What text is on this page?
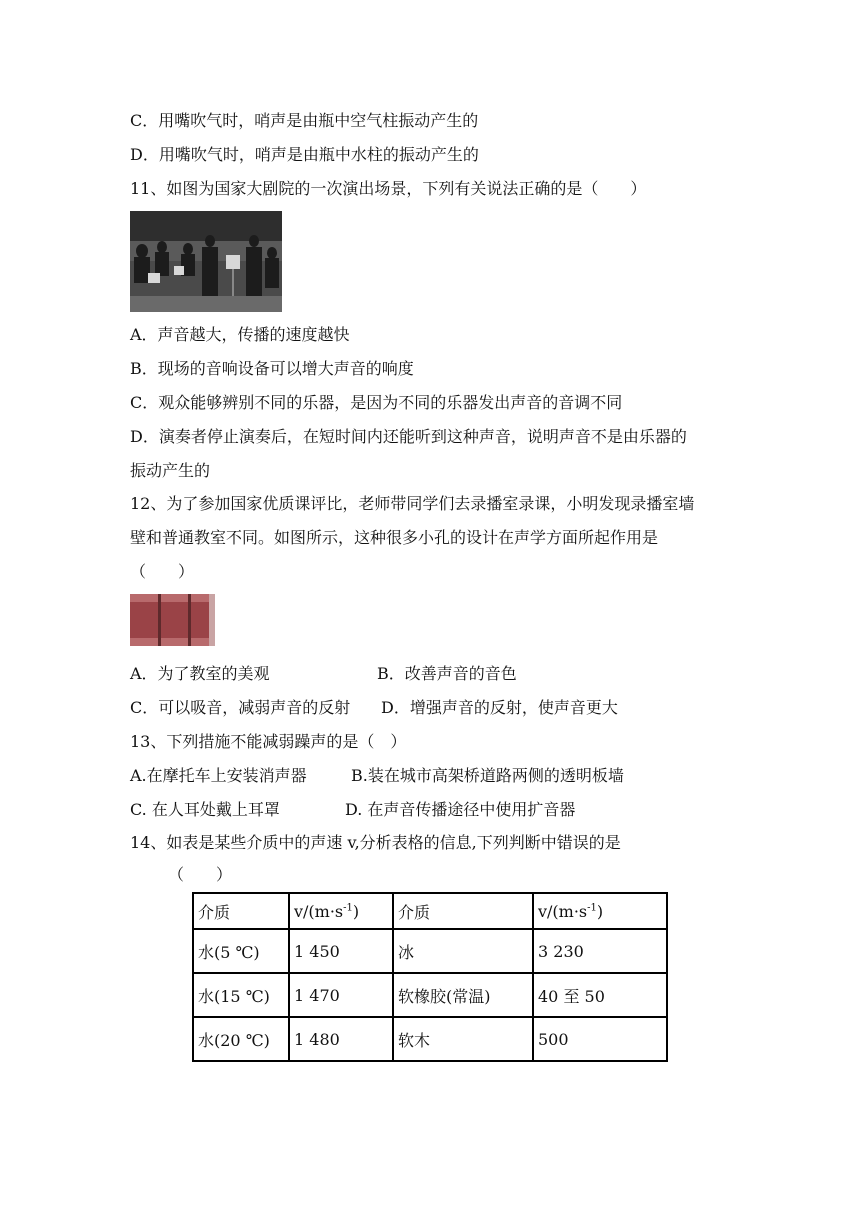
C．用嘴吹气时，哨声是由瓶中空气柱振动产生的
D．用嘴吹气时，哨声是由瓶中水柱的振动产生的
11、如图为国家大剧院的一次演出场景，下列有关说法正确的是（　　）
A．声音越大，传播的速度越快
B．现场的音响设备可以增大声音的响度
C．观众能够辨别不同的乐器，是因为不同的乐器发出声音的音调不同
D．演奏者停止演奏后，在短时间内还能听到这种声音，说明声音不是由乐器的
振动产生的
12、为了参加国家优质课评比，老师带同学们去录播室录课，小明发现录播室墙
壁和普通教室不同。如图所示，这种很多小孔的设计在声学方面所起作用是
（　　）
A．为了教室的美观	B．改善声音的音色
C．可以吸音，减弱声音的反射 D．增强声音的反射，使声音更大
13、下列措施不能减弱躁声的是（　）
A.在摩托车上安装消声器	B.装在城市高架桥道路两侧的透明板墙
C. 在人耳处戴上耳罩	D. 在声音传播途径中使用扩音器
14、如表是某些介质中的声速 v,分析表格的信息,下列判断中错误的是
（　　）
介质	$v/(m\cdot s^{-1})$	介质	$v/(m\cdot s^{-1})$
水(5 ℃)	1 450	冰	3 230
水(15 ℃)	1 470	软橡胶(常温)	40 至 50
水(20 ℃)	1 480	软木	500
